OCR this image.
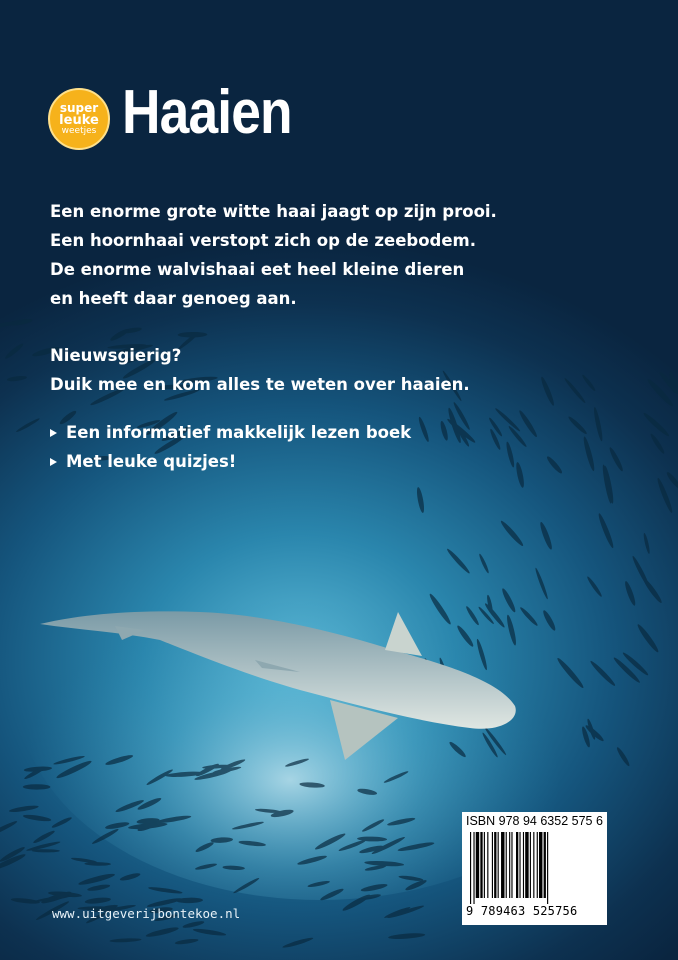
super
leuke
weetjes Haaien
Een enorme grote witte haai jaagt op zijn prooi.
Een hoornhaai verstopt zich op de zeebodem.
De enorme walvishaai eet heel kleine dieren
en heeft daar genoeg aan.
Nieuwsgierig?
Duik mee en kom alles te weten over haaien.
Een informatief makkelijk lezen boek
Met leuke quizjes!
www.uitgeverijbontekoe.nl
ISBN 978 94 6352 575 6
9 789463 525756
